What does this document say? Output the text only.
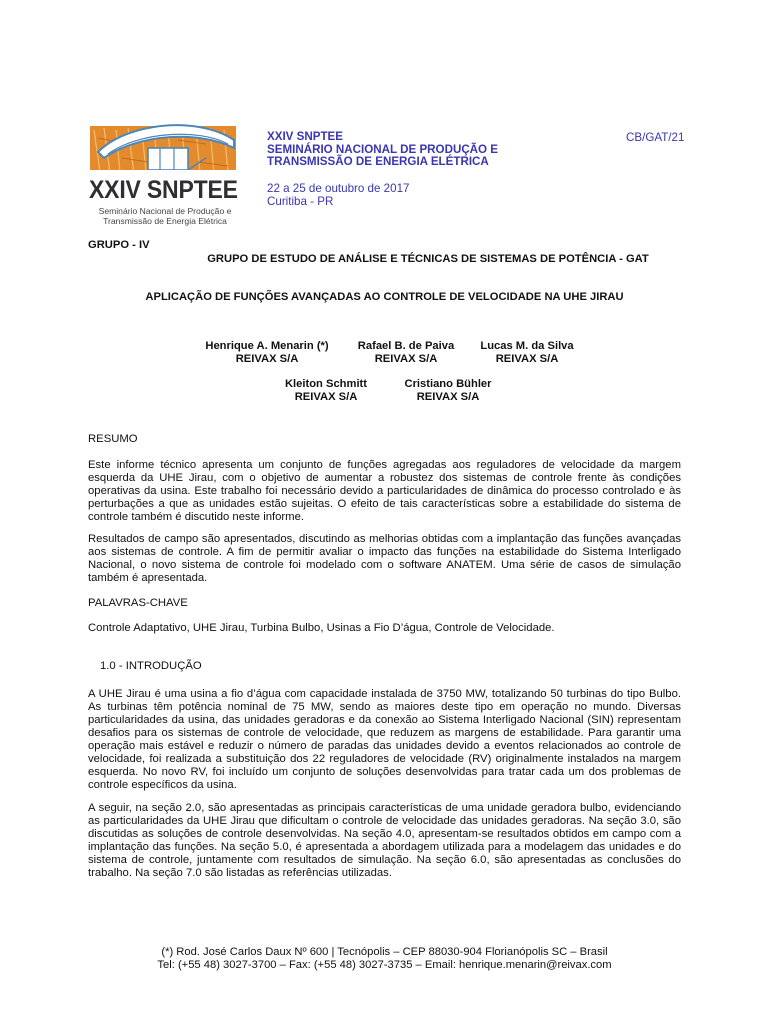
XXIV SNPTEE
Seminário Nacional de Produção e
Transmissão de Energia Elétrica
XXIV SNPTEE
SEMINÁRIO NACIONAL DE PRODUÇÃO E
TRANSMISSÃO DE ENERGIA ELÉTRICA
22 a 25 de outubro de 2017
Curitiba - PR
CB/GAT/21
GRUPO - IV
GRUPO DE ESTUDO DE ANÁLISE E TÉCNICAS DE SISTEMAS DE POTÊNCIA - GAT
APLICAÇÃO DE FUNÇÕES AVANÇADAS AO CONTROLE DE VELOCIDADE NA UHE JIRAU
Henrique A. Menarin (*)
REIVAX S/A
Rafael B. de Paiva
REIVAX S/A
Lucas M. da Silva
REIVAX S/A
Kleiton Schmitt
REIVAX S/A
Cristiano Bühler
REIVAX S/A
RESUMO
Este informe técnico apresenta um conjunto de funções agregadas aos reguladores de velocidade da margem esquerda da UHE Jirau, com o objetivo de aumentar a robustez dos sistemas de controle frente às condições operativas da usina. Este trabalho foi necessário devido a particularidades de dinâmica do processo controlado e às perturbações a que as unidades estão sujeitas. O efeito de tais características sobre a estabilidade do sistema de controle também é discutido neste informe.
Resultados de campo são apresentados, discutindo as melhorias obtidas com a implantação das funções avançadas aos sistemas de controle. A fim de permitir avaliar o impacto das funções na estabilidade do Sistema Interligado Nacional, o novo sistema de controle foi modelado com o software ANATEM. Uma série de casos de simulação também é apresentada.
PALAVRAS-CHAVE
Controle Adaptativo, UHE Jirau, Turbina Bulbo, Usinas a Fio D’água, Controle de Velocidade.
1.0 - INTRODUÇÃO
A UHE Jirau é uma usina a fio d’água com capacidade instalada de 3750 MW, totalizando 50 turbinas do tipo Bulbo. As turbinas têm potência nominal de 75 MW, sendo as maiores deste tipo em operação no mundo. Diversas particularidades da usina, das unidades geradoras e da conexão ao Sistema Interligado Nacional (SIN) representam desafios para os sistemas de controle de velocidade, que reduzem as margens de estabilidade. Para garantir uma operação mais estável e reduzir o número de paradas das unidades devido a eventos relacionados ao controle de velocidade, foi realizada a substituição dos 22 reguladores de velocidade (RV) originalmente instalados na margem esquerda. No novo RV, foi incluído um conjunto de soluções desenvolvidas para tratar cada um dos problemas de controle específicos da usina.
A seguir, na seção 2.0, são apresentadas as principais características de uma unidade geradora bulbo, evidenciando as particularidades da UHE Jirau que dificultam o controle de velocidade das unidades geradoras. Na seção 3.0, são discutidas as soluções de controle desenvolvidas. Na seção 4.0, apresentam-se resultados obtidos em campo com a implantação das funções. Na seção 5.0, é apresentada a abordagem utilizada para a modelagem das unidades e do sistema de controle, juntamente com resultados de simulação. Na seção 6.0, são apresentadas as conclusões do trabalho. Na seção 7.0 são listadas as referências utilizadas.
(*) Rod. José Carlos Daux Nº 600 | Tecnópolis – CEP 88030-904 Florianópolis SC – Brasil
Tel: (+55 48) 3027-3700 – Fax: (+55 48) 3027-3735 – Email: henrique.menarin@reivax.com
